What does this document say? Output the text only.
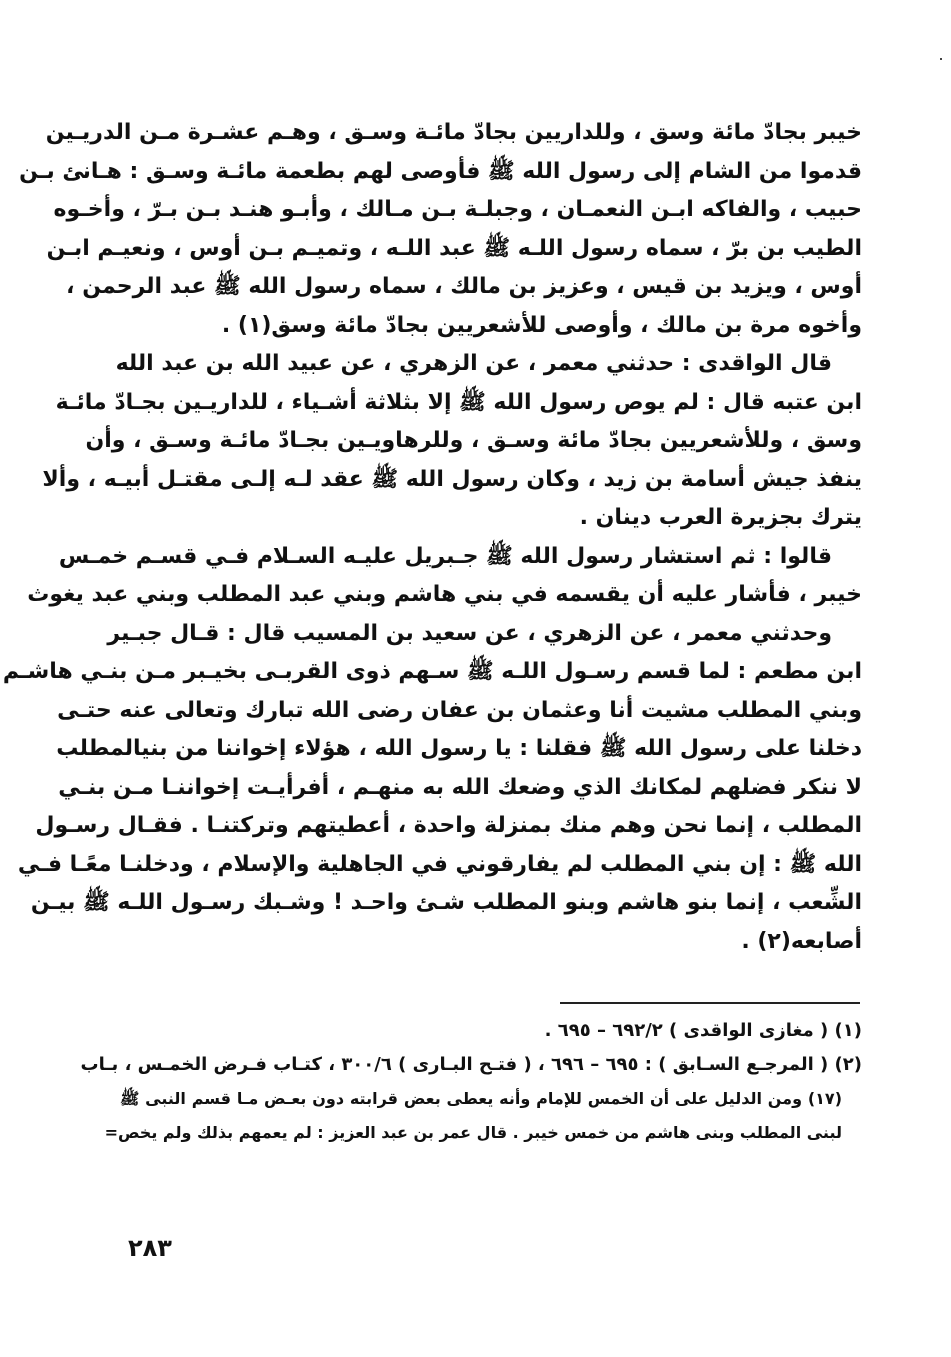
خيبر بجادّ مائة وسق ، وللداريين بجادّ مائـة وسـق ، وهـم عشـرة مـن الدريـين
قدموا من الشام إلى رسول الله ﷺ فأوصى لهم بطعمة مائـة وسـق : هـانئ بـن
حبيب ، والفاكه ابـن النعمـان ، وجبلـة بـن مـالك ، وأبـو هنـد بـن بـرّ ، وأخـوه
الطيب بن برّ ، سماه رسول اللـه ﷺ عبد اللـه ، وتميـم بـن أوس ، ونعيـم ابـن
أوس ، ويزيد بن قيس ، وعزيز بن مالك ، سماه رسول الله ﷺ عبد الرحمن ،
وأخوه مرة بن مالك ، وأوصى للأشعريين بجادّ مائة وسق(١) .
قال الواقدى : حدثني معمر ، عن الزهري ، عن عبيد الله بن عبد الله
ابن عتبه قال : لم يوص رسول الله ﷺ إلا بثلاثة أشـياء ، للداريـين بجـادّ مائـة
وسق ، وللأشعريين بجادّ مائة وسـق ، وللرهاويـين بجـادّ مائـة وسـق ، وأن
ينفذ جيش أسامة بن زيد ، وكان رسول الله ﷺ عقد لـه إلـى مقتـل أبيـه ، وألا
يترك بجزيرة العرب دينان .
قالوا : ثم استشار رسول الله ﷺ جـبريل عليـه السـلام فـي قسـم خمـس
خيبر ، فأشار عليه أن يقسمه في بني هاشم وبني عبد المطلب وبني عبد يغوث
وحدثني معمر ، عن الزهري ، عن سعيد بن المسيب قال : قـال جبـير
ابن مطعم : لما قسم رسـول اللـه ﷺ سـهم ذوى القربـى بخيـبر مـن بنـي هاشـم
وبني المطلب مشيت أنا وعثمان بن عفان رضى الله تبارك وتعالى عنه حتـى
دخلنا على رسول الله ﷺ فقلنا : يا رسول الله ، هؤلاء إخواننا من بنيالمطلب
لا ننكر فضلهم لمكانك الذي وضعك الله به منهـم ، أفرأيـت إخواننـا مـن بنـي
المطلب ، إنما نحن وهم منك بمنزلة واحدة ، أعطيتهم وتركتنـا . فقـال رسـول
الله ﷺ : إن بني المطلب لم يفارقوني في الجاهلية والإسلام ، ودخلنـا معًـا فـي
الشِّعب ، إنما بنو هاشم وبنو المطلب شـئ واحـد ! وشـبك رسـول اللـه ﷺ بيـن
أصابعه(٢) .
(١) ( مغازى الواقدى ) ٦٩٢/٢ – ٦٩٥ .
(٢) ( المرجـع السـابق ) : ٦٩٥ – ٦٩٦ ، ( فتـح البـارى ) ٣٠٠/٦ ، كتـاب فـرض الخمـس ، بـاب
(١٧) ومن الدليل على أن الخمس للإمام وأنه يعطى بعض قرابته دون بعـض مـا قسم النبى ﷺ
لبنى المطلب وبنى هاشم من خمس خيبر . قال عمر بن عبد العزيز : لم يعمهم بذلك ولم يخص=
٢٨٣
